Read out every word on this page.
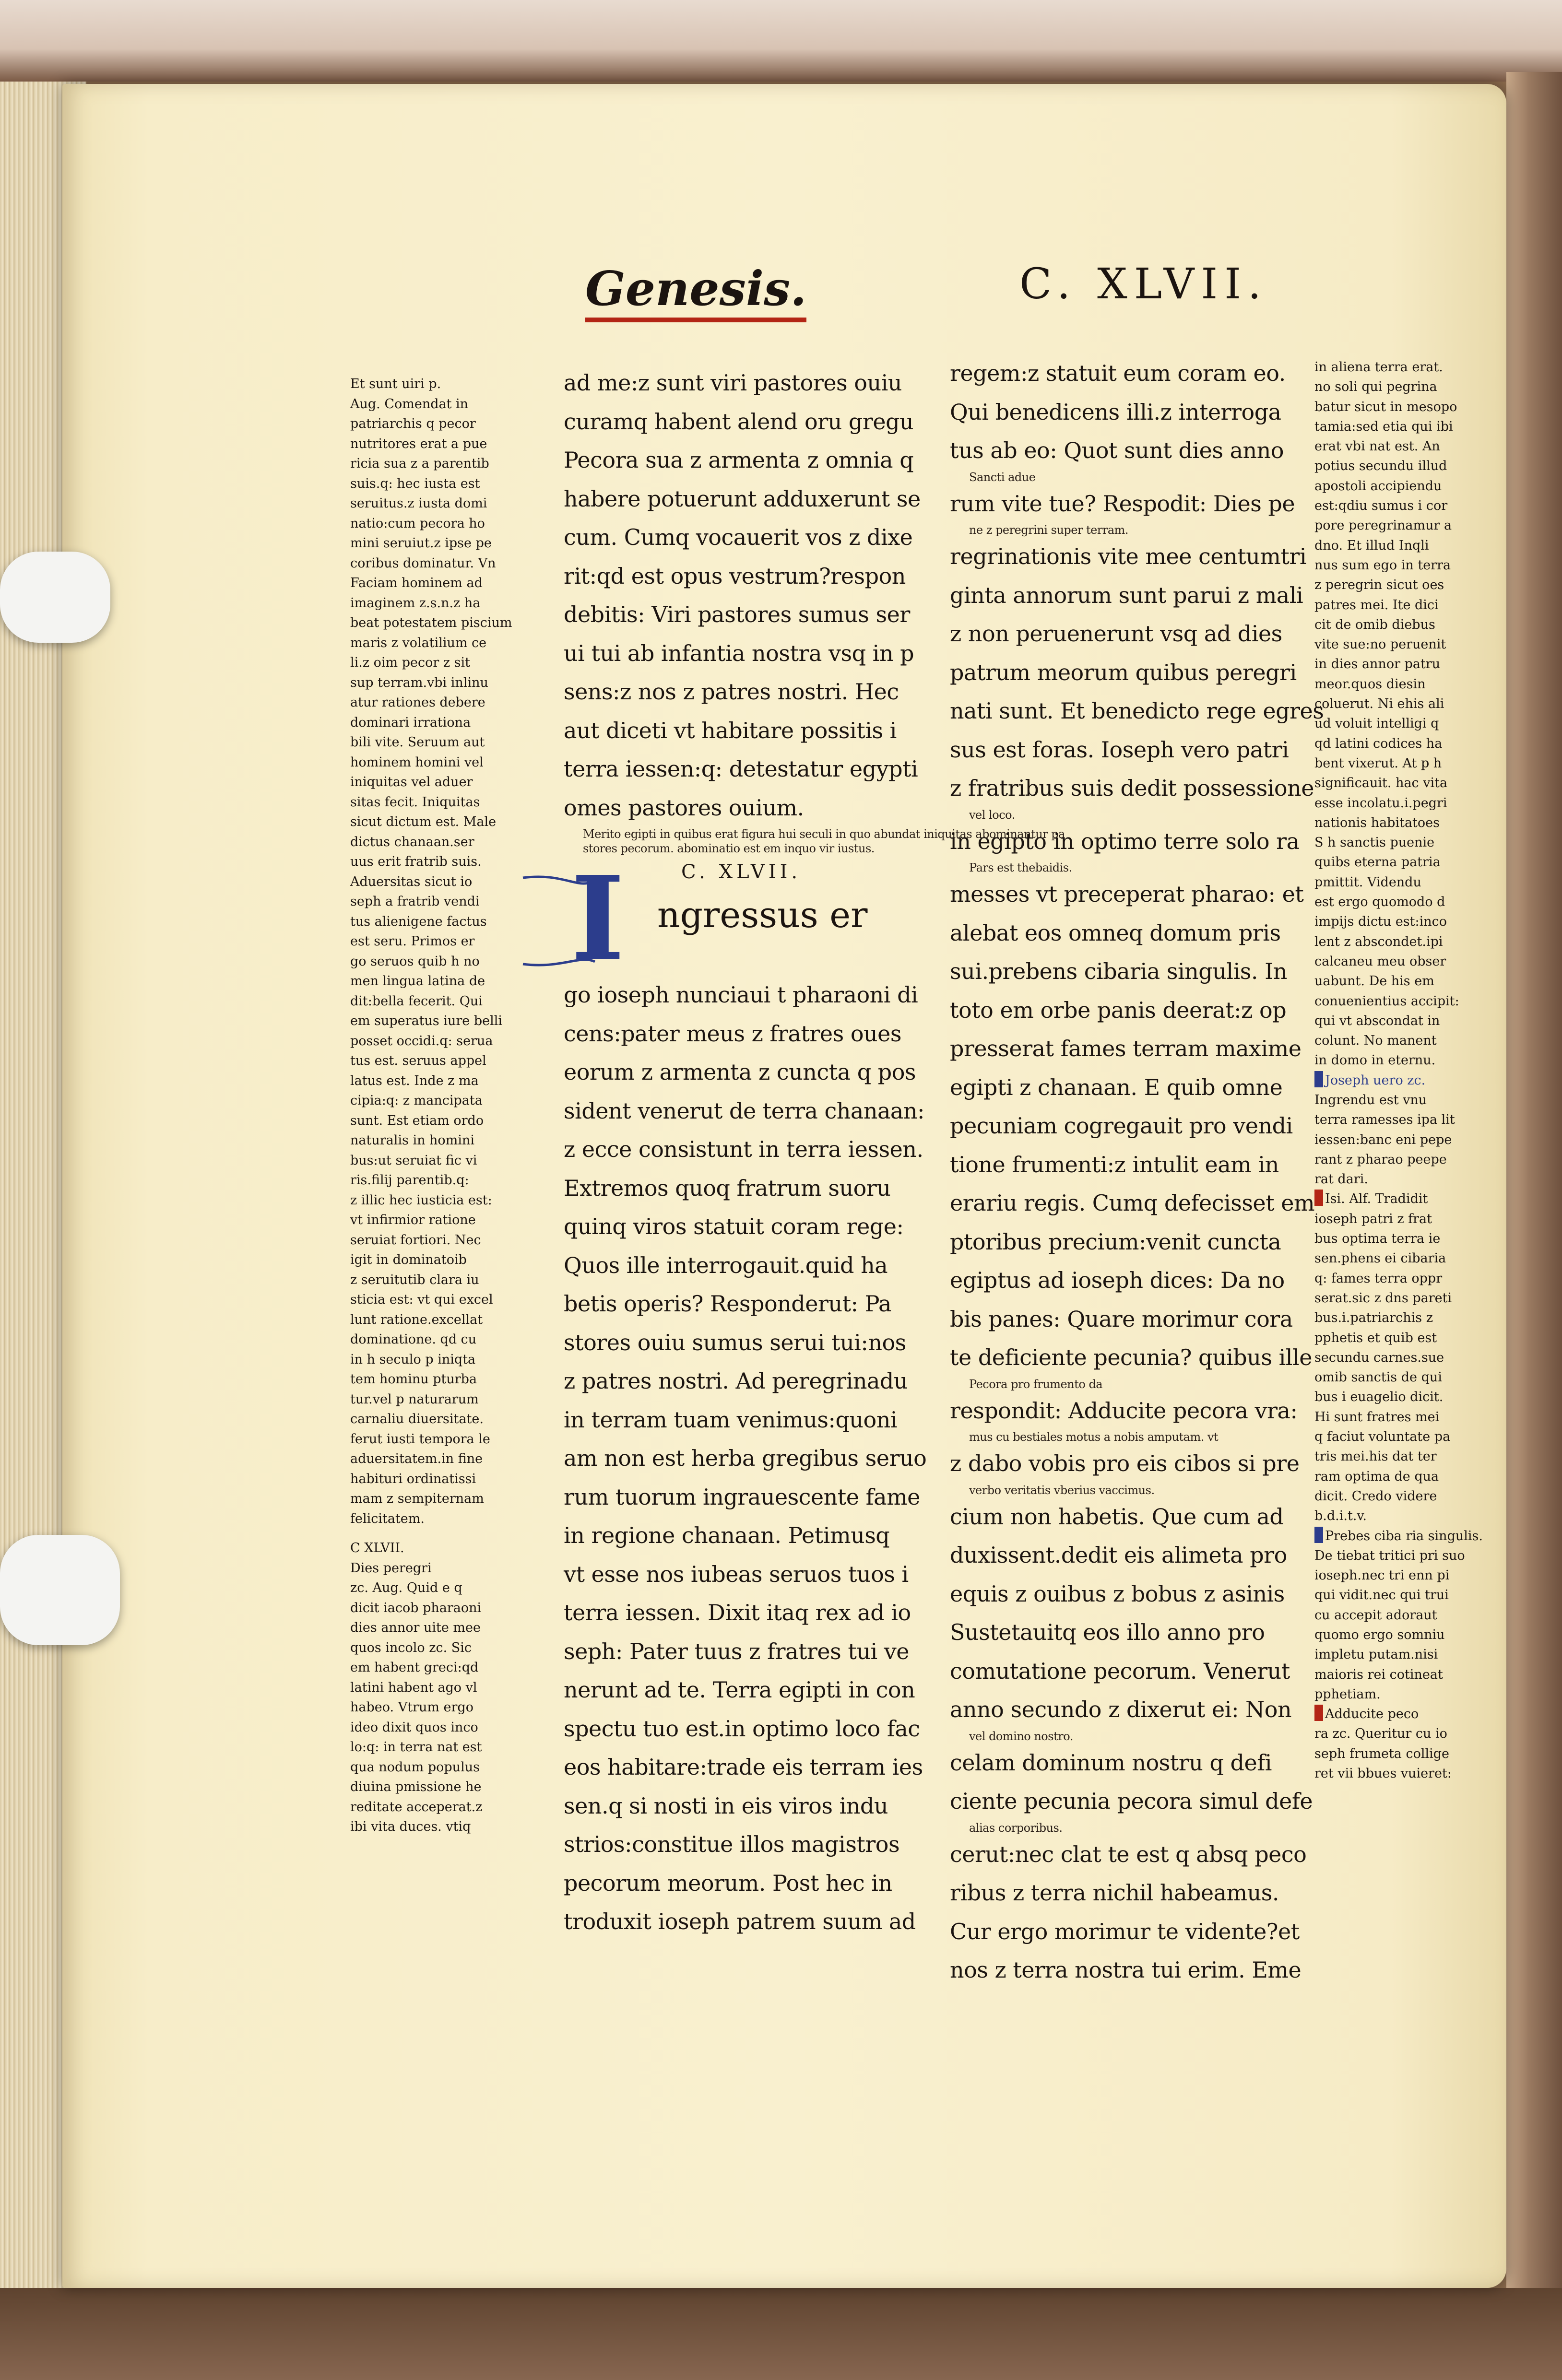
Genesis.	C. XLVII.

Et sunt uiri p.

Aug. Comendat in

patriarchis q pecor

nutritores erat a pue

ricia sua z a parentib

suis.q: hec iusta est

seruitus.z iusta domi

natio:cum pecora ho

mini seruiut.z ipse pe

coribus dominatur. Vn

Faciam hominem ad

imaginem z.s.n.z ha

beat potestatem piscium

maris z volatilium ce

li.z oim pecor z sit

sup terram.vbi inlinu

atur rationes debere

dominari irrationa

bili vite. Seruum aut

hominem homini vel

iniquitas vel aduer

sitas fecit. Iniquitas

sicut dictum est. Male

dictus chanaan.ser

uus erit fratrib suis.

Aduersitas sicut io

seph a fratrib vendi

tus alienigene factus

est seru. Primos er

go seruos quib h no

men lingua latina de

dit:bella fecerit. Qui

em superatus iure belli

posset occidi.q: serua

tus est. seruus appel

latus est. Inde z ma

cipia:q: z mancipata

sunt. Est etiam ordo

naturalis in homini

bus:ut seruiat fic vi

ris.filij parentib.q:

z illic hec iusticia est:

vt infirmior ratione

seruiat fortiori. Nec

igit in dominatoib

z seruitutib clara iu

sticia est: vt qui excel

lunt ratione.excellat

dominatione. qd cu

in h seculo p iniqta

tem hominu pturba

tur.vel p naturarum

carnaliu diuersitate.

ferut iusti tempora le

aduersitatem.in fine

habituri ordinatissi

mam z sempiternam

felicitatem.

C XLVII.

Dies peregri

zc. Aug. Quid e q

dicit iacob pharaoni

dies annor uite mee

quos incolo zc. Sic

em habent greci:qd

latini habent ago vl

habeo. Vtrum ergo

ideo dixit quos inco

lo:q: in terra nat est

qua nodum populus

diuina pmissione he

reditate acceperat.z

ibi vita duces. vtiq

ad me:z sunt viri pastores ouiu

curamq habent alend oru gregu

Pecora sua z armenta z omnia q

habere potuerunt adduxerunt se

cum. Cumq vocauerit vos z dixe

rit:qd est opus vestrum?respon

debitis: Viri pastores sumus ser

ui tui ab infantia nostra vsq in p

sens:z nos z patres nostri. Hec

aut diceti vt habitare possitis i

terra iessen:q: detestatur egypti

omes pastores ouium.

Merito egipti in quibus erat figura hui seculi in quo abundat iniquitas abominantur pa

stores pecorum. abominatio est em inquo vir iustus.

go ioseph nunciaui t pharaoni di

cens:pater meus z fratres oues

eorum z armenta z cuncta q pos

sident venerut de terra chanaan:

z ecce consistunt in terra iessen.

Extremos quoq fratrum suoru

quinq viros statuit coram rege:

Quos ille interrogauit.quid ha

betis operis? Responderut: Pa

stores ouiu sumus serui tui:nos

z patres nostri. Ad peregrinadu

in terram tuam venimus:quoni

am non est herba gregibus seruo

rum tuorum ingrauescente fame

in regione chanaan. Petimusq

vt esse nos iubeas seruos tuos i

terra iessen. Dixit itaq rex ad io

seph: Pater tuus z fratres tui ve

nerunt ad te. Terra egipti in con

spectu tuo est.in optimo loco fac

eos habitare:trade eis terram ies

sen.q si nosti in eis viros indu

strios:constitue illos magistros

pecorum meorum. Post hec in

troduxit ioseph patrem suum ad

I	C. XLVII.
ngressus er

regem:z statuit eum coram eo.

Qui benedicens illi.z interroga

tus ab eo: Quot sunt dies anno

Sancti adue

rum vite tue? Respodit: Dies pe

ne z peregrini super terram.

regrinationis vite mee centumtri

ginta annorum sunt parui z mali

z non peruenerunt vsq ad dies

patrum meorum quibus peregri

nati sunt. Et benedicto rege egres

sus est foras. Ioseph vero patri

z fratribus suis dedit possessione

vel loco.

in egipto in optimo terre solo ra

Pars est thebaidis.

messes vt preceperat pharao: et

alebat eos omneq domum pris

sui.prebens cibaria singulis. In

toto em orbe panis deerat:z op

presserat fames terram maxime

egipti z chanaan. E quib omne

pecuniam cogregauit pro vendi

tione frumenti:z intulit eam in

erariu regis. Cumq defecisset em

ptoribus precium:venit cuncta

egiptus ad ioseph dices: Da no

bis panes: Quare morimur cora

te deficiente pecunia? quibus ille

Pecora pro frumento da

respondit: Adducite pecora vra:

mus cu bestiales motus a nobis amputam. vt

z dabo vobis pro eis cibos si pre

verbo veritatis vberius vaccimus.

cium non habetis. Que cum ad

duxissent.dedit eis alimeta pro

equis z ouibus z bobus z asinis

Sustetauitq eos illo anno pro

comutatione pecorum. Venerut

anno secundo z dixerut ei: Non

vel domino nostro.

celam dominum nostru q defi

ciente pecunia pecora simul defe

alias corporibus.

cerut:nec clat te est q absq peco

ribus z terra nichil habeamus.

Cur ergo morimur te vidente?et

nos z terra nostra tui erim. Eme

in aliena terra erat.

no soli qui pegrina

batur sicut in mesopo

tamia:sed etia qui ibi

erat vbi nat est. An

potius secundu illud

apostoli accipiendu

est:qdiu sumus i cor

pore peregrinamur a

dno. Et illud Inqli

nus sum ego in terra

z peregrin sicut oes

patres mei. Ite dici

cit de omib diebus

vite sue:no peruenit

in dies annor patru

meor.quos diesin

coluerut. Ni ehis ali

ud voluit intelligi q

qd latini codices ha

bent vixerut. At p h

significauit. hac vita

esse incolatu.i.pegri

nationis habitatoes

S h sanctis puenie

quibs eterna patria

pmittit. Videndu

est ergo quomodo d

impijs dictu est:inco

lent z abscondet.ipi

calcaneu meu obser

uabunt. De his em

conuenientius accipit:

qui vt abscondat in

colunt. No manent

in domo in eternu.

Joseph uero zc.

Ingrendu est vnu

terra ramesses ipa lit

iessen:banc eni pepe

rant z pharao peepe

rat dari.

Isi. Alf. Tradidit

ioseph patri z frat

bus optima terra ie

sen.phens ei cibaria

q: fames terra oppr

serat.sic z dns pareti

bus.i.patriarchis z

pphetis et quib est

secundu carnes.sue

omib sanctis de qui

bus i euagelio dicit.

Hi sunt fratres mei

q faciut voluntate pa

tris mei.his dat ter

ram optima de qua

dicit. Credo videre

b.d.i.t.v.

Prebes ciba ria singulis.

De tiebat tritici pri suo

ioseph.nec tri enn pi

qui vidit.nec qui trui

cu accepit adoraut

quomo ergo somniu

impletu putam.nisi

maioris rei cotineat

pphetiam.

Adducite peco

ra zc. Queritur cu io

seph frumeta collige

ret vii bbues vuieret:
